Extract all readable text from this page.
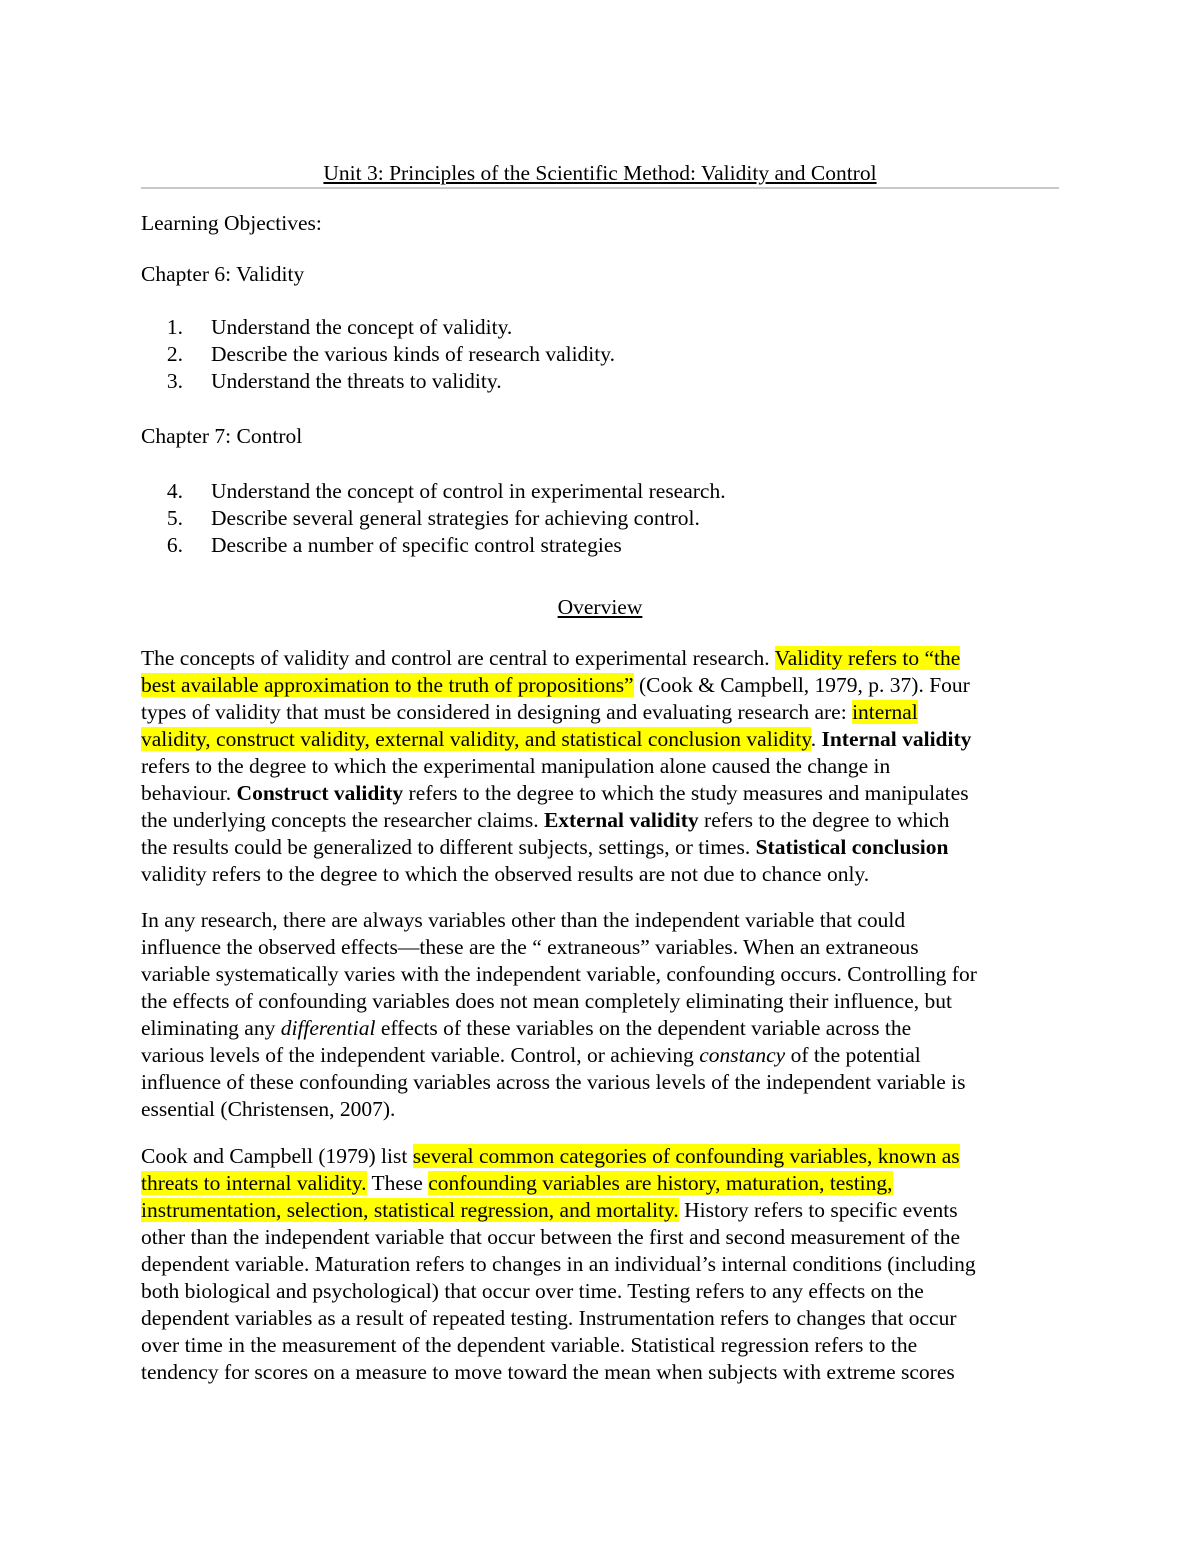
Unit 3: Principles of the Scientific Method: Validity and Control
Learning Objectives:
Chapter 6: Validity
1. Understand the concept of validity.
2. Describe the various kinds of research validity.
3. Understand the threats to validity.
Chapter 7: Control
4. Understand the concept of control in experimental research.
5. Describe several general strategies for achieving control.
6. Describe a number of specific control strategies
Overview
The concepts of validity and control are central to experimental research. Validity refers to “the
best available approximation to the truth of propositions” (Cook & Campbell, 1979, p. 37). Four
types of validity that must be considered in designing and evaluating research are: internal
validity, construct validity, external validity, and statistical conclusion validity. Internal validity
refers to the degree to which the experimental manipulation alone caused the change in
behaviour. Construct validity refers to the degree to which the study measures and manipulates
the underlying concepts the researcher claims. External validity refers to the degree to which
the results could be generalized to different subjects, settings, or times. Statistical conclusion
validity refers to the degree to which the observed results are not due to chance only.
In any research, there are always variables other than the independent variable that could
influence the observed effects—these are the “ extraneous” variables. When an extraneous
variable systematically varies with the independent variable, confounding occurs. Controlling for
the effects of confounding variables does not mean completely eliminating their influence, but
eliminating any differential effects of these variables on the dependent variable across the
various levels of the independent variable. Control, or achieving constancy of the potential
influence of these confounding variables across the various levels of the independent variable is
essential (Christensen, 2007).
Cook and Campbell (1979) list several common categories of confounding variables, known as
threats to internal validity. These confounding variables are history, maturation, testing,
instrumentation, selection, statistical regression, and mortality. History refers to specific events
other than the independent variable that occur between the first and second measurement of the
dependent variable. Maturation refers to changes in an individual’s internal conditions (including
both biological and psychological) that occur over time. Testing refers to any effects on the
dependent variables as a result of repeated testing. Instrumentation refers to changes that occur
over time in the measurement of the dependent variable. Statistical regression refers to the
tendency for scores on a measure to move toward the mean when subjects with extreme scores
